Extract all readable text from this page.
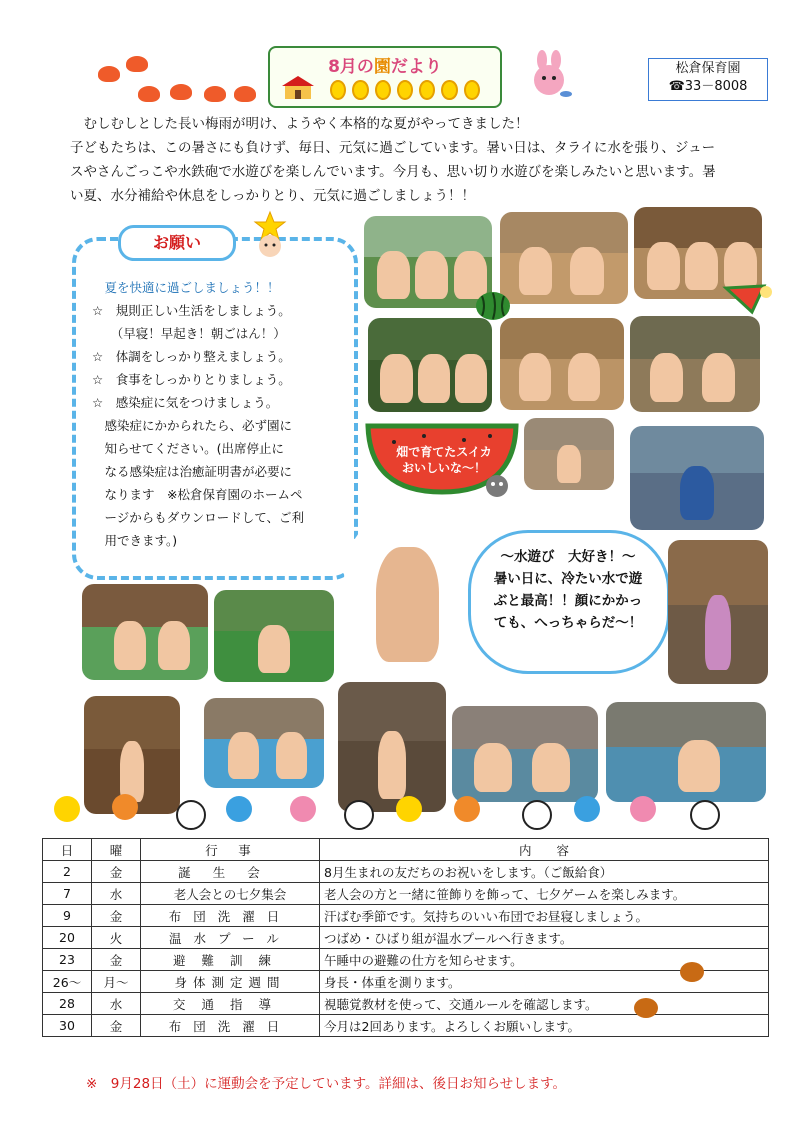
8月の園だより	松倉保育園
☎33－8008

　むしむしとした長い梅雨が明け、ようやく本格的な夏がやってきました！

子どもたちは、この暑さにも負けず、毎日、元気に過ごしています。暑い日は、タライに水を張り、ジュー

スやさんごっこや水鉄砲で水遊びを楽しんでいます。今月も、思い切り水遊びを楽しみたいと思います。暑

い夏、水分補給や休息をしっかりとり、元気に過ごしましょう！！

お願い
　夏を快適に過ごしましょう！！
☆　規則正しい生活をしましょう。
　　（早寝！早起き！朝ごはん！）
☆　体調をしっかり整えましょう。
☆　食事をしっかりとりましょう。
☆　感染症に気をつけましょう。
　感染症にかかられたら、必ず園に
　知らせてください。(出席停止に
　なる感染症は治癒証明書が必要に
　なります　※松倉保育園のホームペ
　ージからもダウンロードして、ご利
　用できます。)
畑で育てたスイカ
おいしいな～！
～水遊び　大好き！～
暑い日に、冷たい水で遊
ぶと最高！！顔にかかっ
ても、へっちゃらだ～！
日	曜	行　事	内　　容
2	金	誕生会	8月生まれの友だちのお祝いをします。（ご飯給食）
7	水	老人会との七夕集会	老人会の方と一緒に笹飾りを飾って、七夕ゲームを楽しみます。
9	金	布団洗濯日	汗ばむ季節です。気持ちのいい布団でお昼寝しましょう。
20	火	温水プール	つばめ・ひばり組が温水プールへ行きます。
23	金	避難訓練	午睡中の避難の仕方を知らせます。
26～	月～	身体測定週間	身長・体重を測ります。
28	水	交通指導	視聴覚教材を使って、交通ルールを確認します。
30	金	布団洗濯日	今月は2回あります。よろしくお願いします。
※　9月28日（土）に運動会を予定しています。詳細は、後日お知らせします。
